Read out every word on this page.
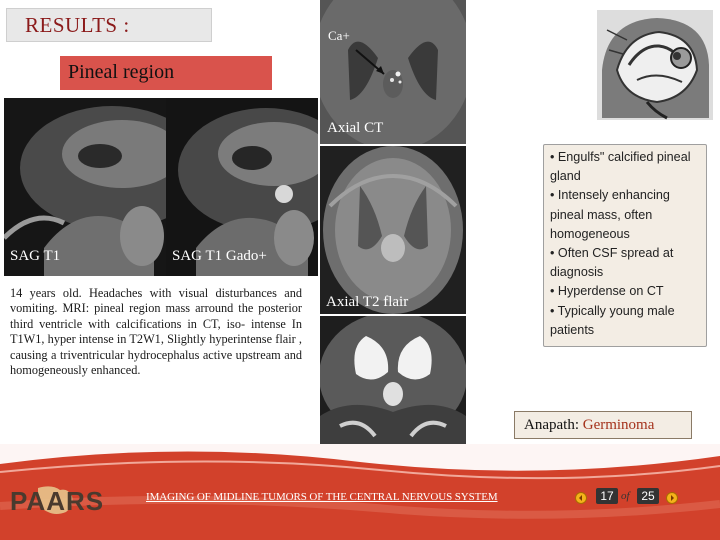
RESULTS :
SAG T1	SAG T1 Gado+
Pineal region
Ca+
Axial CT
Axial T2 flair
14 years old. Headaches with visual disturbances and vomiting. MRI: pineal region mass arround the posterior third ventricle with calcifications in CT, iso- intense In T1W1, hyper intense in T2W1, Slightly hyperintense flair , causing a triventricular hydrocephalus active upstream and homogeneously enhanced.
• Engulfs" calcified pineal gland
• Intensely enhancing pineal mass, often homogeneous
• Often CSF spread at diagnosis
• Hyperdense on CT
• Typically young male patients
Anapath: Germinoma
PAARS	IMAGING OF MIDLINE TUMORS OF THE CENTRAL NERVOUS SYSTEM	17 of 25
